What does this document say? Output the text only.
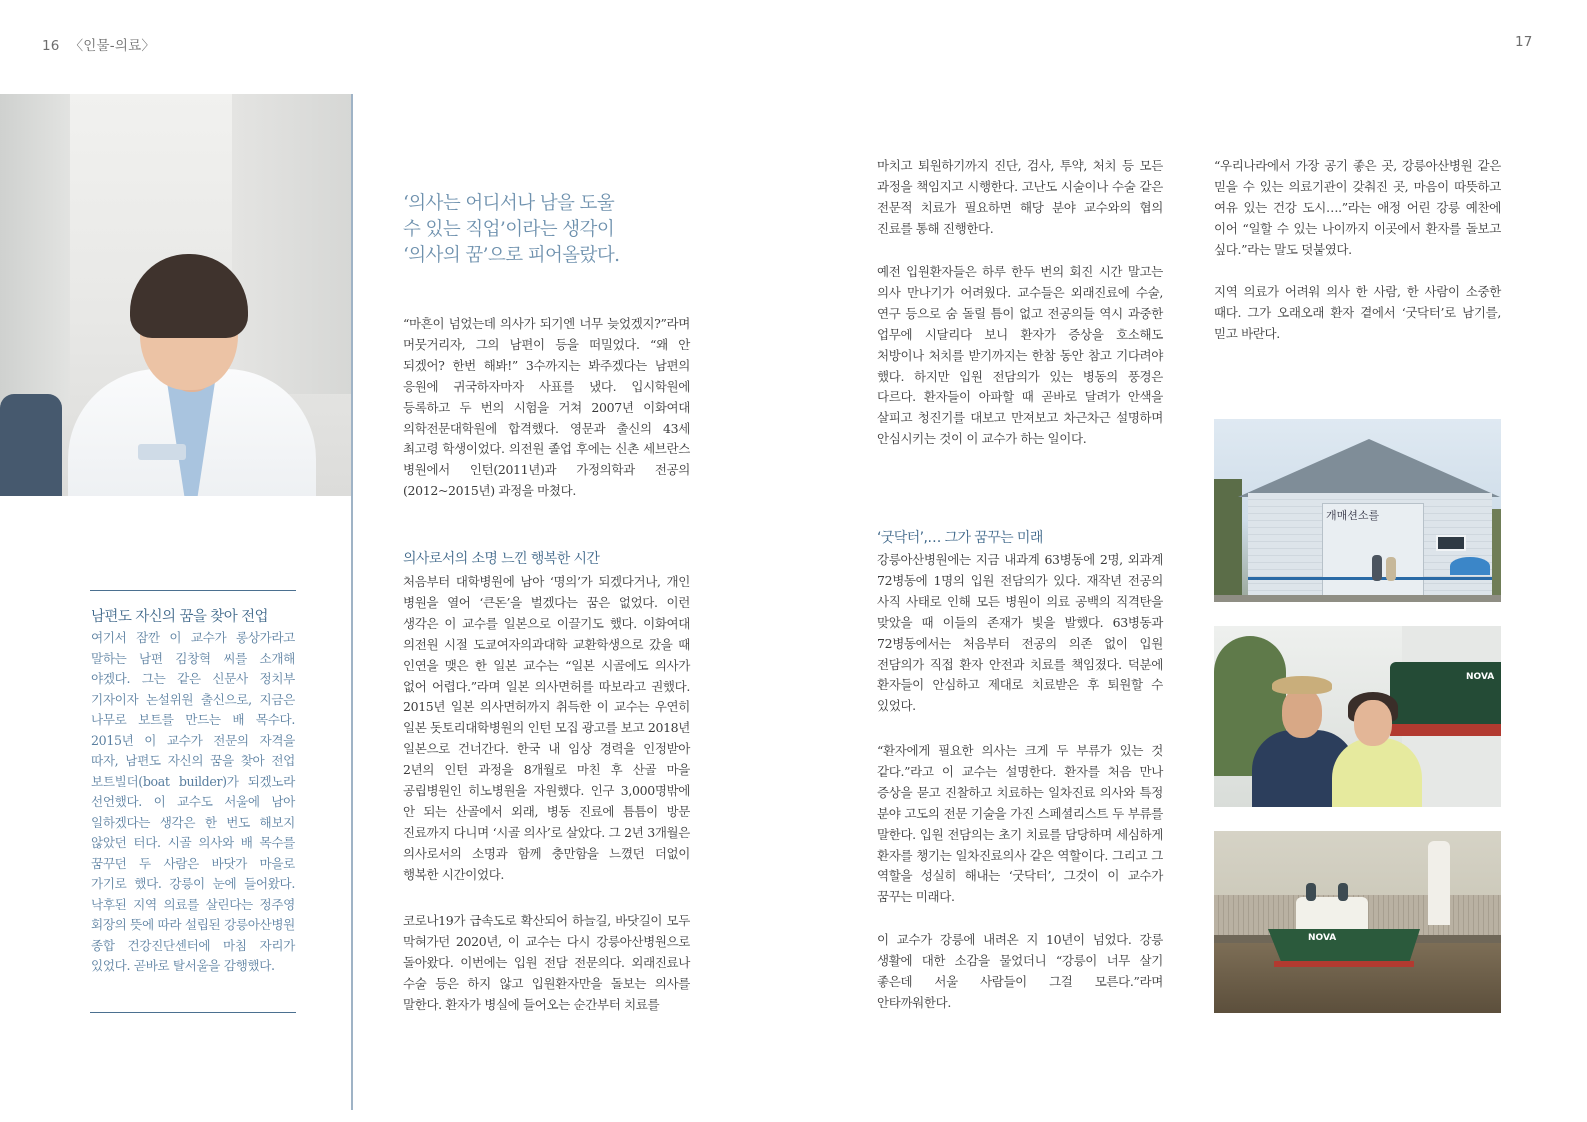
16 〈인물-의료〉	17
남편도 자신의 꿈을 찾아 전업
여기서 잠깐 이 교수가 롱상가라고 말하는 남편 김창혁 씨를 소개해 야겠다. 그는 같은 신문사 정치부 기자이자 논설위원 출신으로, 지금은 나무로 보트를 만드는 배 목수다. 2015년 이 교수가 전문의 자격을 따자, 남편도 자신의 꿈을 찾아 전업 보트빌더(boat builder)가 되겠노라 선언했다. 이 교수도 서울에 남아 일하겠다는 생각은 한 번도 해보지 않았던 터다. 시골 의사와 배 목수를 꿈꾸던 두 사람은 바닷가 마을로 가기로 했다. 강릉이 눈에 들어왔다. 낙후된 지역 의료를 살린다는 정주영 회장의 뜻에 따라 설립된 강릉아산병원 종합 건강진단센터에 마침 자리가 있었다. 곧바로 탈서울을 감행했다.
‘의사는 어디서나 남을 도울
수 있는 직업’이라는 생각이
‘의사의 꿈’으로 피어올랐다.
“마흔이 넘었는데 의사가 되기엔 너무 늦었겠지?”라며 머뭇거리자, 그의 남편이 등을 떠밀었다. “왜 안 되겠어? 한번 해봐!” 3수까지는 봐주겠다는 남편의 응원에 귀국하자마자 사표를 냈다. 입시학원에 등록하고 두 번의 시험을 거쳐 2007년 이화여대 의학전문대학원에 합격했다. 영문과 출신의 43세 최고령 학생이었다. 의전원 졸업 후에는 신촌 세브란스 병원에서 인턴(2011년)과 가정의학과 전공의(2012~2015년) 과정을 마쳤다.
의사로서의 소명 느낀 행복한 시간
처음부터 대학병원에 남아 ‘명의’가 되겠다거나, 개인 병원을 열어 ‘큰돈’을 벌겠다는 꿈은 없었다. 이런 생각은 이 교수를 일본으로 이끌기도 했다. 이화여대 의전원 시절 도쿄여자의과대학 교환학생으로 갔을 때 인연을 맺은 한 일본 교수는 “일본 시골에도 의사가 없어 어렵다.”라며 일본 의사면허를 따보라고 권했다. 2015년 일본 의사면허까지 취득한 이 교수는 우연히 일본 돗토리대학병원의 인턴 모집 광고를 보고 2018년 일본으로 건너간다. 한국 내 임상 경력을 인정받아 2년의 인턴 과정을 8개월로 마친 후 산골 마을 공립병원인 히노병원을 자원했다. 인구 3,000명밖에 안 되는 산골에서 외래, 병동 진료에 틈틈이 방문 진료까지 다니며 ‘시골 의사’로 살았다. 그 2년 3개월은 의사로서의 소명과 함께 충만함을 느꼈던 더없이 행복한 시간이었다.
코로나19가 급속도로 확산되어 하늘길, 바닷길이 모두 막혀가던 2020년, 이 교수는 다시 강릉아산병원으로 돌아왔다. 이번에는 입원 전담 전문의다. 외래진료나 수술 등은 하지 않고 입원환자만을 돌보는 의사를 말한다. 환자가 병실에 들어오는 순간부터 치료를
마치고 퇴원하기까지 진단, 검사, 투약, 처치 등 모든 과정을 책임지고 시행한다. 고난도 시술이나 수술 같은 전문적 치료가 필요하면 해당 분야 교수와의 협의 진료를 통해 진행한다.
예전 입원환자들은 하루 한두 번의 회진 시간 말고는 의사 만나기가 어려웠다. 교수들은 외래진료에 수술, 연구 등으로 숨 돌릴 틈이 없고 전공의들 역시 과중한 업무에 시달리다 보니 환자가 증상을 호소해도 처방이나 처치를 받기까지는 한참 동안 참고 기다려야 했다. 하지만 입원 전담의가 있는 병동의 풍경은 다르다. 환자들이 아파할 때 곧바로 달려가 안색을 살피고 청진기를 대보고 만져보고 차근차근 설명하며 안심시키는 것이 이 교수가 하는 일이다.
‘굿닥터’,… 그가 꿈꾸는 미래
강릉아산병원에는 지금 내과계 63병동에 2명, 외과계 72병동에 1명의 입원 전담의가 있다. 재작년 전공의 사직 사태로 인해 모든 병원이 의료 공백의 직격탄을 맞았을 때 이들의 존재가 빛을 발했다. 63병동과 72병동에서는 처음부터 전공의 의존 없이 입원 전담의가 직접 환자 안전과 치료를 책임졌다. 덕분에 환자들이 안심하고 제대로 치료받은 후 퇴원할 수 있었다.
“환자에게 필요한 의사는 크게 두 부류가 있는 것 같다.”라고 이 교수는 설명한다. 환자를 처음 만나 증상을 묻고 진찰하고 치료하는 일차진료 의사와 특정 분야 고도의 전문 기술을 가진 스페셜리스트 두 부류를 말한다. 입원 전담의는 초기 치료를 담당하며 세심하게 환자를 챙기는 일차진료의사 같은 역할이다. 그리고 그 역할을 성실히 해내는 ‘굿닥터’, 그것이 이 교수가 꿈꾸는 미래다.
이 교수가 강릉에 내려온 지 10년이 넘었다. 강릉 생활에 대한 소감을 물었더니 “강릉이 너무 살기 좋은데 서울 사람들이 그걸 모른다.”라며 안타까워한다.
“우리나라에서 가장 공기 좋은 곳, 강릉아산병원 같은 믿을 수 있는 의료기관이 갖춰진 곳, 마음이 따뜻하고 여유 있는 건강 도시….”라는 애정 어린 강릉 예찬에 이어 “일할 수 있는 나이까지 이곳에서 환자를 돌보고 싶다.”라는 말도 덧붙였다.
지역 의료가 어려워 의사 한 사람, 한 사람이 소중한 때다. 그가 오래오래 환자 곁에서 ‘굿닥터’로 남기를, 믿고 바란다.
개매션소를
NOVA
NOVA
